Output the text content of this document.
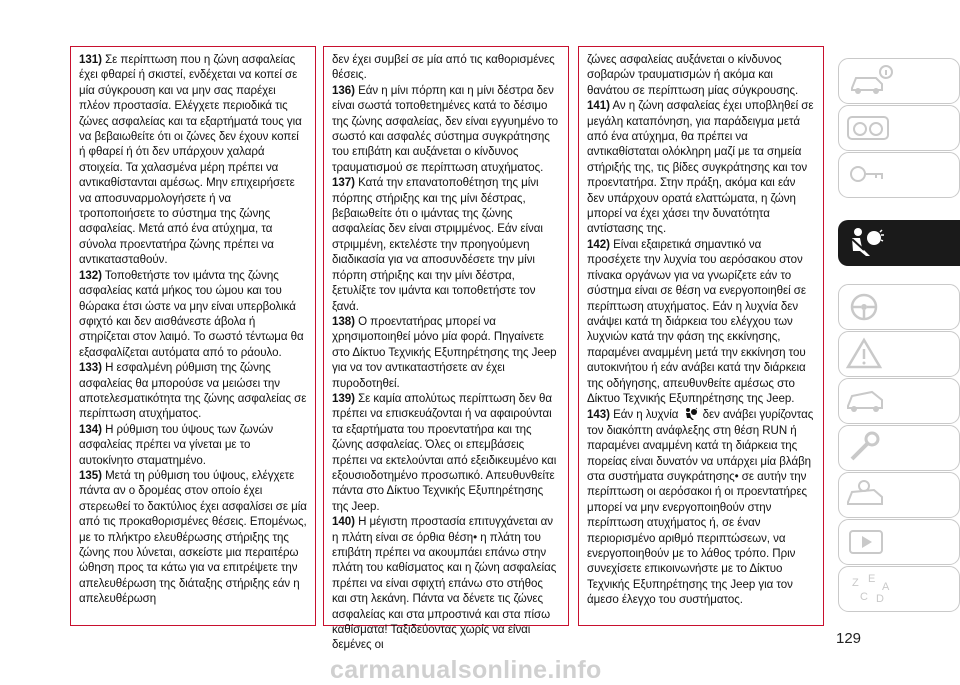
131) Σε περίπτωση που η ζώνη ασφαλείας έχει φθαρεί ή σκιστεί, ενδέχεται να κοπεί σε μία σύγκρουση και να μην σας παρέχει πλέον προστασία. Ελέγχετε περιοδικά τις ζώνες ασφαλείας και τα εξαρτήματά τους για να βεβαιωθείτε ότι οι ζώνες δεν έχουν κοπεί ή φθαρεί ή ότι δεν υπάρχουν χαλαρά στοιχεία. Τα χαλασμένα μέρη πρέπει να αντικαθίστανται αμέσως. Μην επιχειρήσετε να αποσυναρμολογήσετε ή να τροποποιήσετε το σύστημα της ζώνης ασφαλείας. Μετά από ένα ατύχημα, τα σύνολα προεντατήρα ζώνης πρέπει να αντικατασταθούν.

132) Τοποθετήστε τον ιμάντα της ζώνης ασφαλείας κατά μήκος του ώμου και του θώρακα έτσι ώστε να μην είναι υπερβολικά σφιχτό και δεν αισθάνεστε άβολα ή στηρίζεται στον λαιμό. Το σωστό τέντωμα θα εξασφαλίζεται αυτόματα από το ράουλο.

133) Η εσφαλμένη ρύθμιση της ζώνης ασφαλείας θα μπορούσε να μειώσει την αποτελεσματικότητα της ζώνης ασφαλείας σε περίπτωση ατυχήματος.

134) Η ρύθμιση του ύψους των ζωνών ασφαλείας πρέπει να γίνεται με το αυτοκίνητο σταματημένο.

135) Μετά τη ρύθμιση του ύψους, ελέγχετε πάντα αν ο δρομέας στον οποίο έχει στερεωθεί το δακτύλιος έχει ασφαλίσει σε μία από τις προκαθορισμένες θέσεις. Επομένως, με το πλήκτρο ελευθέρωσης στήριξης της ζώνης που λύνεται, ασκείστε μια περαιτέρω ώθηση προς τα κάτω για να επιτρέψετε την απελευθέρωση της διάταξης στήριξης εάν η απελευθέρωση

δεν έχει συμβεί σε μία από τις καθορισμένες θέσεις.

136) Εάν η μίνι πόρπη και η μίνι δέστρα δεν είναι σωστά τοποθετημένες κατά το δέσιμο της ζώνης ασφαλείας, δεν είναι εγγυημένο το σωστό και ασφαλές σύστημα συγκράτησης του επιβάτη και αυξάνεται ο κίνδυνος τραυματισμού σε περίπτωση ατυχήματος.

137) Κατά την επανατοποθέτηση της μίνι πόρπης στήριξης και της μίνι δέστρας, βεβαιωθείτε ότι ο ιμάντας της ζώνης ασφαλείας δεν είναι στριμμένος. Εάν είναι στριμμένη, εκτελέστε την προηγούμενη διαδικασία για να αποσυνδέσετε την μίνι πόρπη στήριξης και την μίνι δέστρα, ξετυλίξτε τον ιμάντα και τοποθετήστε τον ξανά.

138) Ο προεντατήρας μπορεί να χρησιμοποιηθεί μόνο μία φορά. Πηγαίνετε στο Δίκτυο Τεχνικής Εξυπηρέτησης της Jeep για να τον αντικαταστήσετε αν έχει πυροδοτηθεί.

139) Σε καμία απολύτως περίπτωση δεν θα πρέπει να επισκευάζονται ή να αφαιρούνται τα εξαρτήματα του προεντατήρα και της ζώνης ασφαλείας. Όλες οι επεμβάσεις πρέπει να εκτελούνται από εξειδικευμένο και εξουσιοδοτημένο προσωπικό. Απευθυνθείτε πάντα στο Δίκτυο Τεχνικής Εξυπηρέτησης της Jeep.

140) Η μέγιστη προστασία επιτυγχάνεται αν η πλάτη είναι σε όρθια θέση• η πλάτη του επιβάτη πρέπει να ακουμπάει επάνω στην πλάτη του καθίσματος και η ζώνη ασφαλείας πρέπει να είναι σφιχτή επάνω στο στήθος και στη λεκάνη. Πάντα να δένετε τις ζώνες ασφαλείας και στα μπροστινά και στα πίσω καθίσματα! Ταξιδεύοντας χωρίς να είναι δεμένες οι

ζώνες ασφαλείας αυξάνεται ο κίνδυνος σοβαρών τραυματισμών ή ακόμα και θανάτου σε περίπτωση μίας σύγκρουσης.

141) Αν η ζώνη ασφαλείας έχει υποβληθεί σε μεγάλη καταπόνηση, για παράδειγμα μετά από ένα ατύχημα, θα πρέπει να αντικαθίσταται ολόκληρη μαζί με τα σημεία στήριξής της, τις βίδες συγκράτησης και τον προεντατήρα. Στην πράξη, ακόμα και εάν δεν υπάρχουν ορατά ελαττώματα, η ζώνη μπορεί να έχει χάσει την δυνατότητα αντίστασης της.

142) Είναι εξαιρετικά σημαντικό να προσέχετε την λυχνία του αερόσακου στον πίνακα οργάνων για να γνωρίζετε εάν το σύστημα είναι σε θέση να ενεργοποιηθεί σε περίπτωση ατυχήματος. Εάν η λυχνία δεν ανάψει κατά τη διάρκεια του ελέγχου των λυχνιών κατά την φάση της εκκίνησης, παραμένει αναμμένη μετά την εκκίνηση του αυτοκινήτου ή εάν ανάβει κατά την διάρκεια της οδήγησης, απευθυνθείτε αμέσως στο Δίκτυο Τεχνικής Εξυπηρέτησης της Jeep.

143) Εάν η λυχνία  δεν ανάβει γυρίζοντας τον διακόπτη ανάφλεξης στη θέση RUN ή παραμένει αναμμένη κατά τη διάρκεια της πορείας είναι δυνατόν να υπάρχει μία βλάβη στα συστήματα συγκράτησης• σε αυτήν την περίπτωση οι αερόσακοι ή οι προεντατήρες μπορεί να μην ενεργοποιηθούν στην περίπτωση ατυχήματος ή, σε έναν περιορισμένο αριθμό περιπτώσεων, να ενεργοποιηθούν με το λάθος τρόπο. Πριν συνεχίσετε επικοινωνήστε με το Δίκτυο Τεχνικής Εξυπηρέτησης της Jeep για τον άμεσο έλεγχο του συστήματος.

Z E
C D
A
129
carmanualsonline.info
